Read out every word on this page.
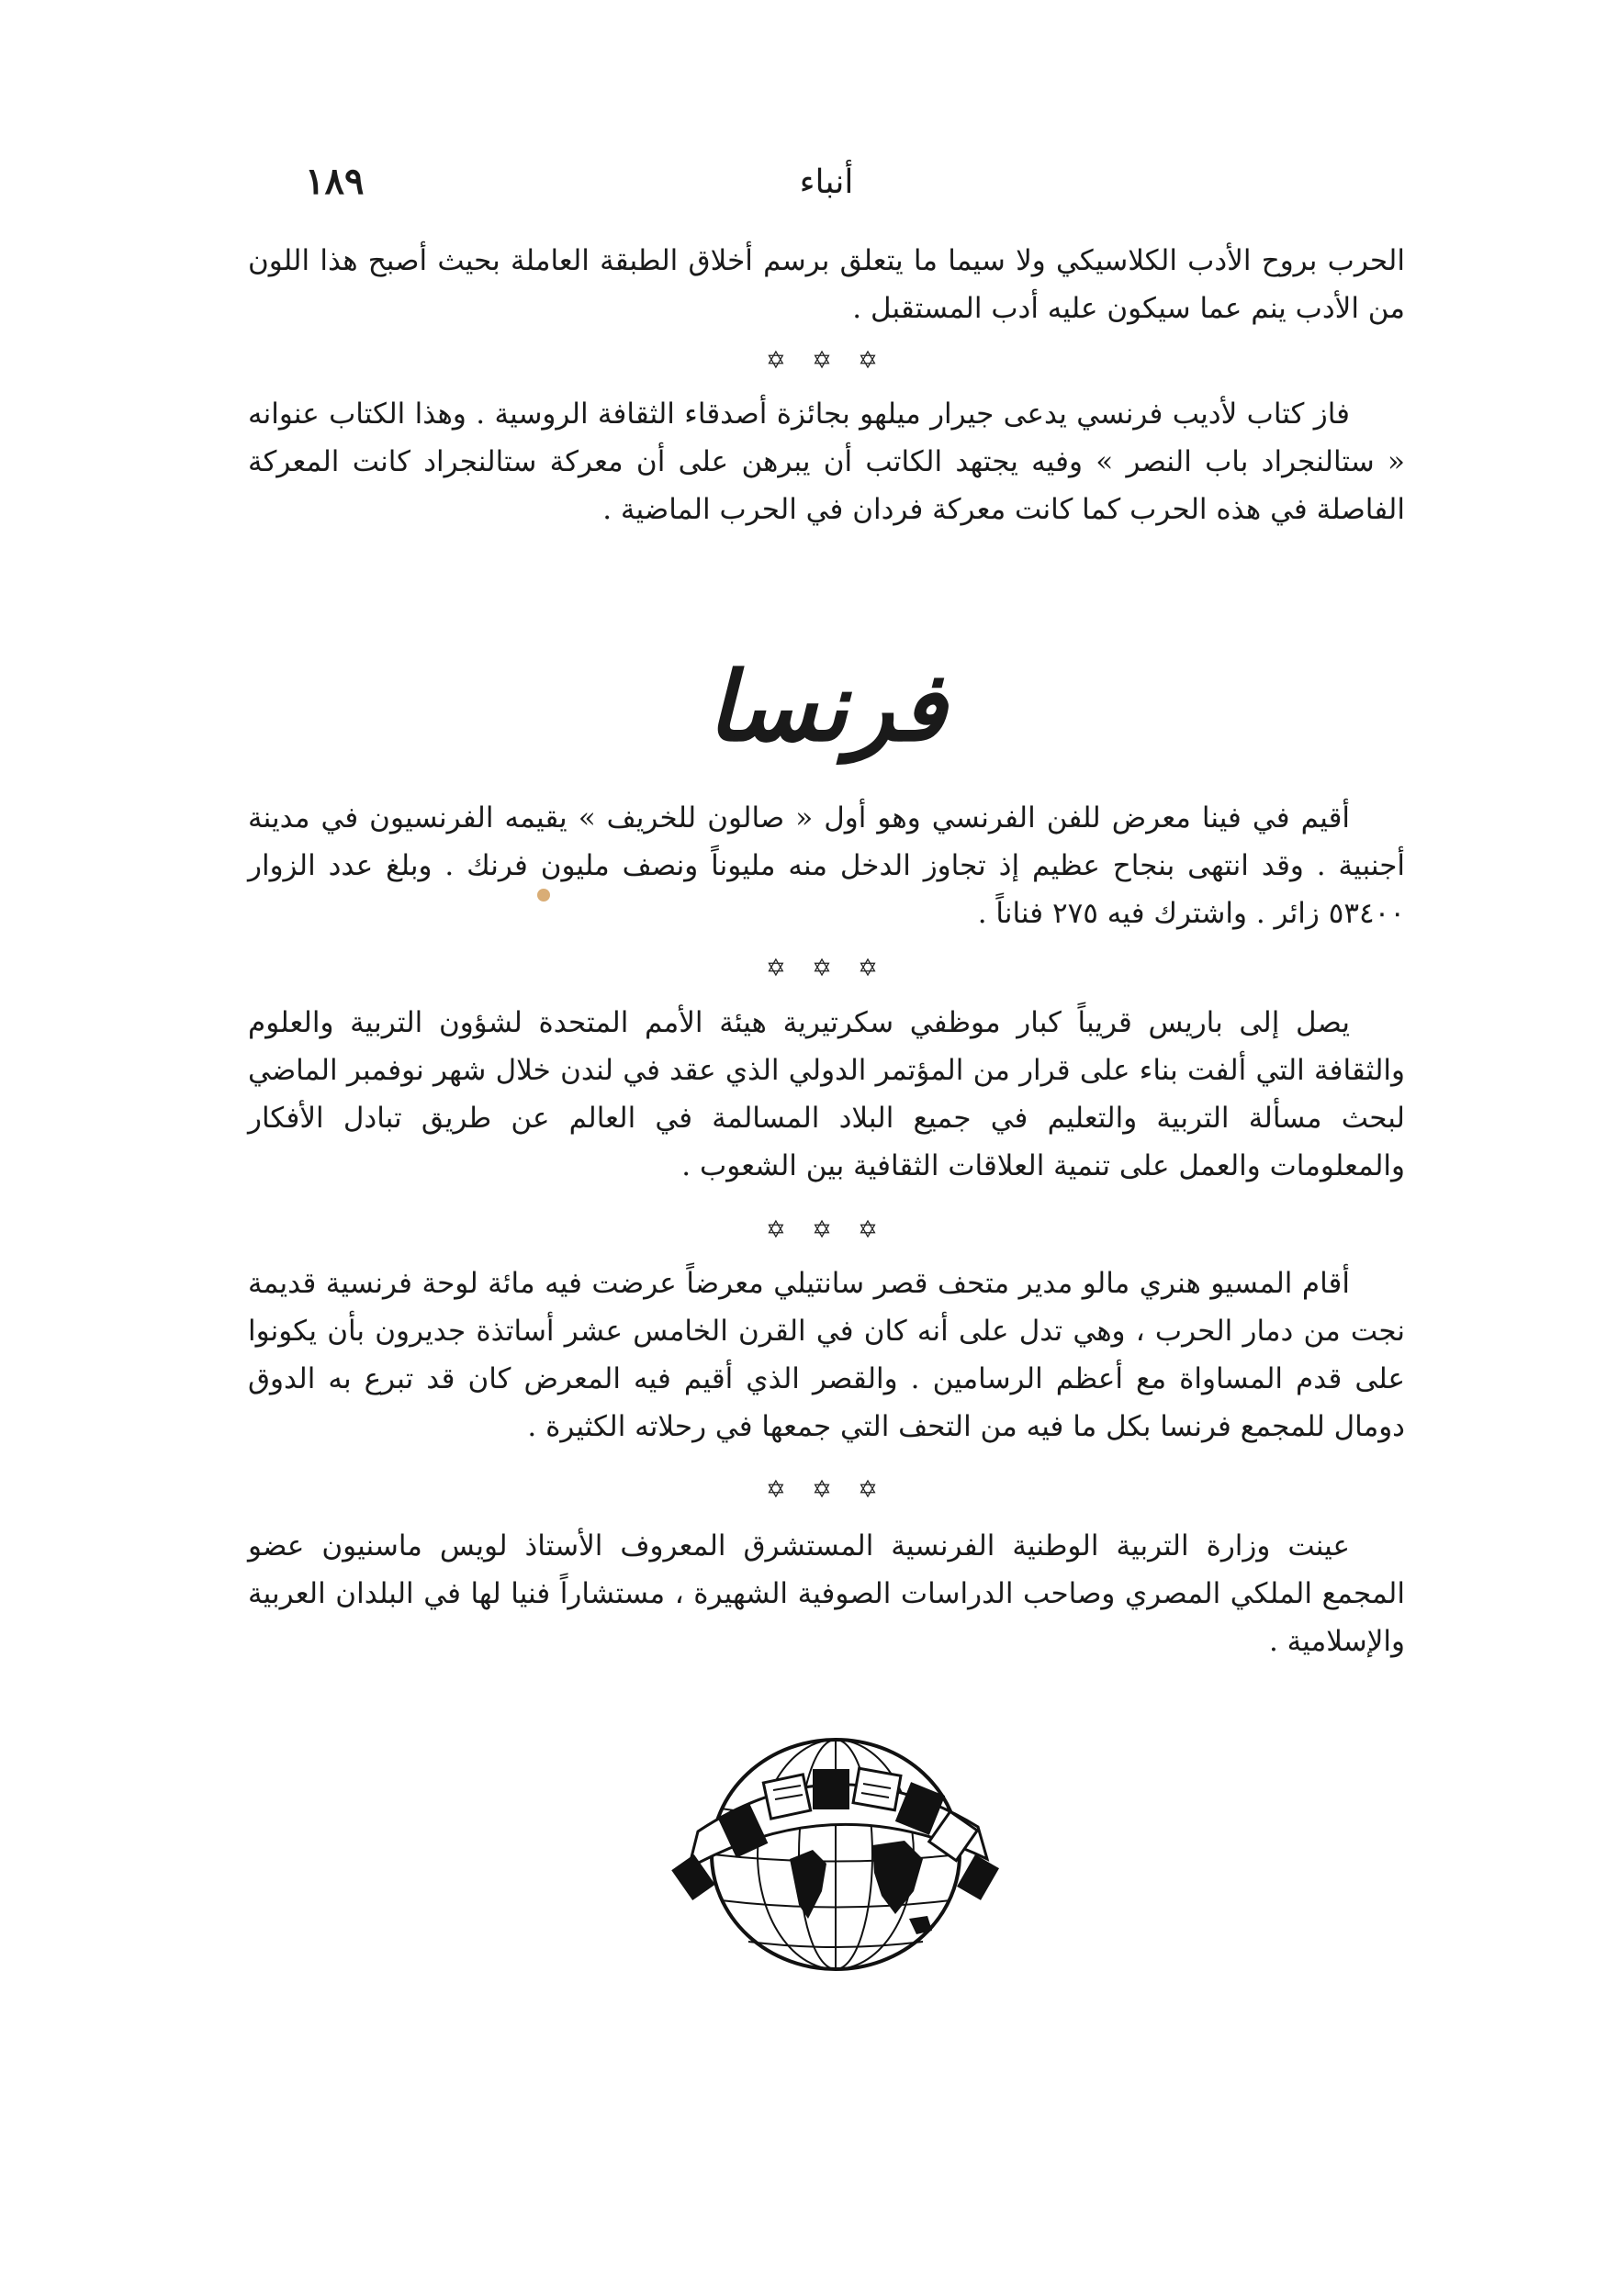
١٨٩	أنباء

الحرب بروح الأدب الكلاسيكي ولا سيما ما يتعلق برسم أخلاق الطبقة العاملة بحيث أصبح هذا اللون من الأدب ينم عما سيكون عليه أدب المستقبل .

✡ ✡ ✡

فاز كتاب لأديب فرنسي يدعى جيرار ميلهو بجائزة أصدقاء الثقافة الروسية . وهذا الكتاب عنوانه « ستالنجراد باب النصر » وفيه يجتهد الكاتب أن يبرهن على أن معركة ستالنجراد كانت المعركة الفاصلة في هذه الحرب كما كانت معركة فردان في الحرب الماضية .

فرنسا

أقيم في فينا معرض للفن الفرنسي وهو أول « صالون للخريف » يقيمه الفرنسيون في مدينة أجنبية . وقد انتهى بنجاح عظيم إذ تجاوز الدخل منه مليوناً ونصف مليون فرنك . وبلغ عدد الزوار ٥٣٤٠٠ زائر . واشترك فيه ٢٧٥ فناناً .

✡ ✡ ✡

يصل إلى باريس قريباً كبار موظفي سكرتيرية هيئة الأمم المتحدة لشؤون التربية والعلوم والثقافة التي ألفت بناء على قرار من المؤتمر الدولي الذي عقد في لندن خلال شهر نوفمبر الماضي لبحث مسألة التربية والتعليم في جميع البلاد المسالمة في العالم عن طريق تبادل الأفكار والمعلومات والعمل على تنمية العلاقات الثقافية بين الشعوب .

✡ ✡ ✡

أقام المسيو هنري مالو مدير متحف قصر سانتيلي معرضاً عرضت فيه مائة لوحة فرنسية قديمة نجت من دمار الحرب ، وهي تدل على أنه كان في القرن الخامس عشر أساتذة جديرون بأن يكونوا على قدم المساواة مع أعظم الرسامين . والقصر الذي أقيم فيه المعرض كان قد تبرع به الدوق دومال للمجمع فرنسا بكل ما فيه من التحف التي جمعها في رحلاته الكثيرة .

✡ ✡ ✡

عينت وزارة التربية الوطنية الفرنسية المستشرق المعروف الأستاذ لويس ماسنيون عضو المجمع الملكي المصري وصاحب الدراسات الصوفية الشهيرة ، مستشاراً فنيا لها في البلدان العربية والإسلامية .
